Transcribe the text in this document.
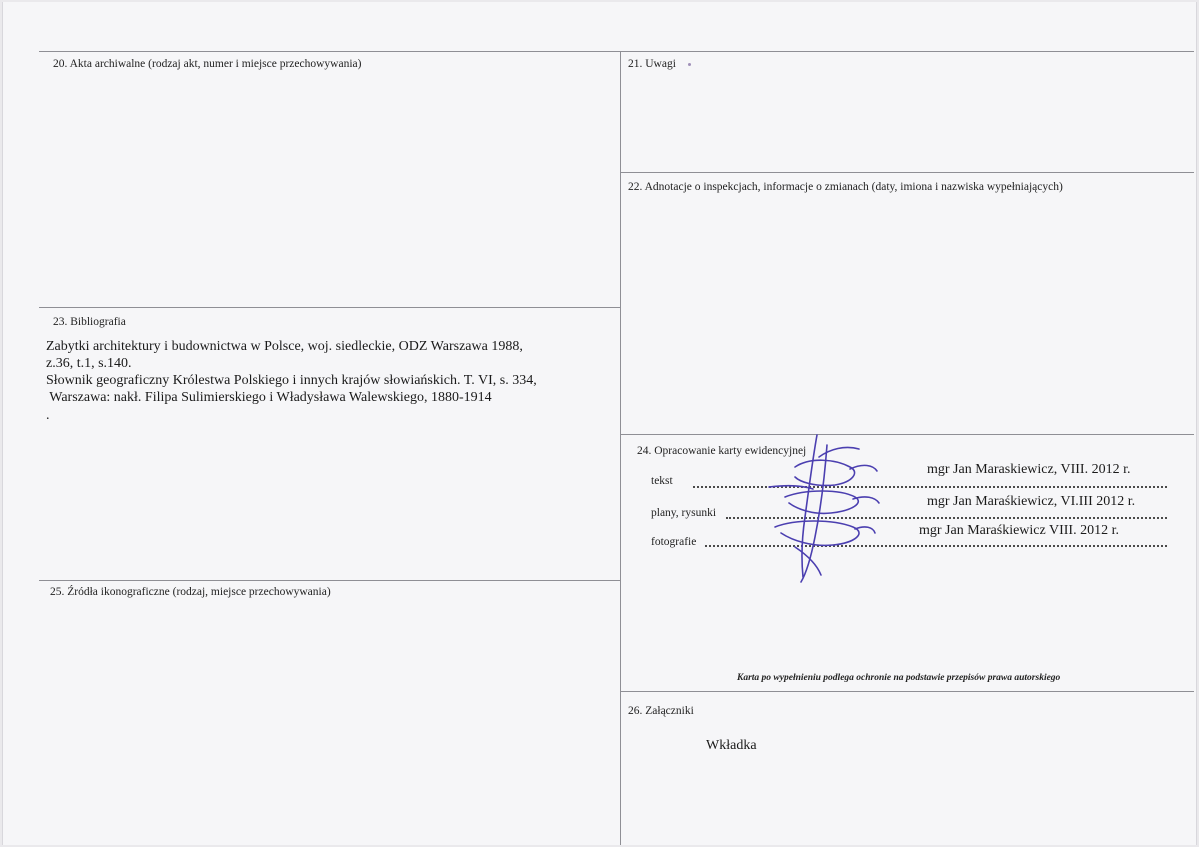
20. Akta archiwalne (rodzaj akt, numer i miejsce przechowywania)	21. Uwagi
22. Adnotacje o inspekcjach, informacje o zmianach (daty, imiona i nazwiska wypełniających)
23. Bibliografia
Zabytki architektury i budownictwa w Polsce, woj. siedleckie, ODZ Warszawa 1988,
z.36, t.1, s.140.
Słownik geograficzny Królestwa Polskiego i innych krajów słowiańskich. T. VI, s. 334,
Warszawa: nakł. Filipa Sulimierskiego i Władysława Walewskiego, 1880-1914
.
24. Opracowanie karty ewidencyjnej
tekst
mgr Jan Maraskiewicz, VIII. 2012 r.
plany, rysunki
mgr Jan Maraśkiewicz, VI.III 2012 r.
fotografie
mgr Jan Maraśkiewicz VIII. 2012 r.
Karta po wypełnieniu podlega ochronie na podstawie przepisów prawa autorskiego
25. Źródła ikonograficzne (rodzaj, miejsce przechowywania)
26. Załączniki
Wkładka
